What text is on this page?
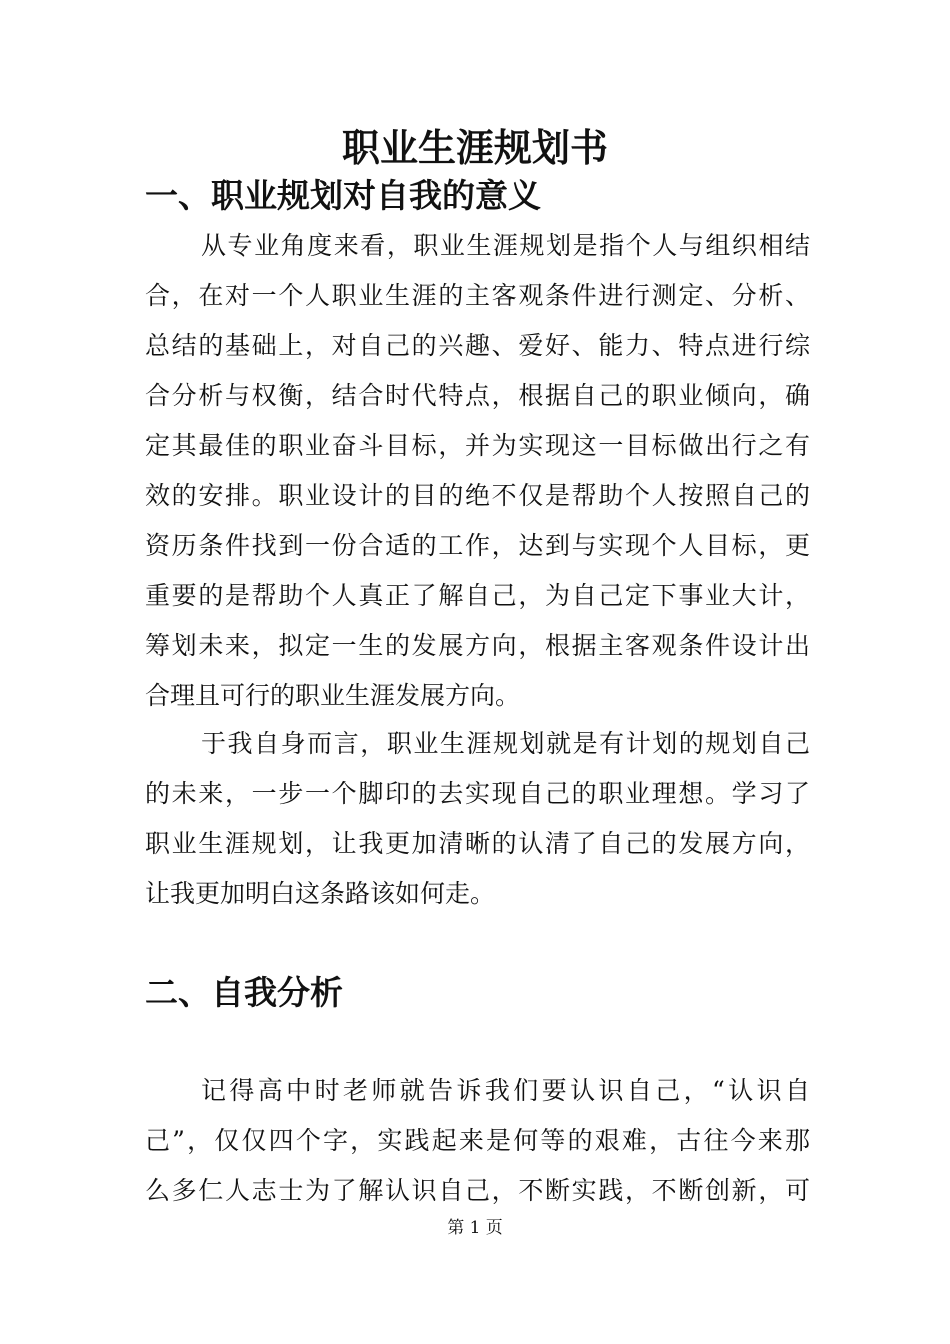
职业生涯规划书
一、职业规划对自我的意义

从专业角度来看，职业生涯规划是指个人与组织相结
合，在对一个人职业生涯的主客观条件进行测定、分析、
总结的基础上，对自己的兴趣、爱好、能力、特点进行综
合分析与权衡，结合时代特点，根据自己的职业倾向，确
定其最佳的职业奋斗目标，并为实现这一目标做出行之有
效的安排。职业设计的目的绝不仅是帮助个人按照自己的
资历条件找到一份合适的工作，达到与实现个人目标，更
重要的是帮助个人真正了解自己，为自己定下事业大计，
筹划未来，拟定一生的发展方向，根据主客观条件设计出
合理且可行的职业生涯发展方向。

于我自身而言，职业生涯规划就是有计划的规划自己
的未来，一步一个脚印的去实现自己的职业理想。学习了
职业生涯规划，让我更加清晰的认清了自己的发展方向，
让我更加明白这条路该如何走。

二、自我分析

记得高中时老师就告诉我们要认识自己，“认识自
己”，仅仅四个字，实践起来是何等的艰难，古往今来那
么多仁人志士为了解认识自己，不断实践，不断创新，可

第 1 页
